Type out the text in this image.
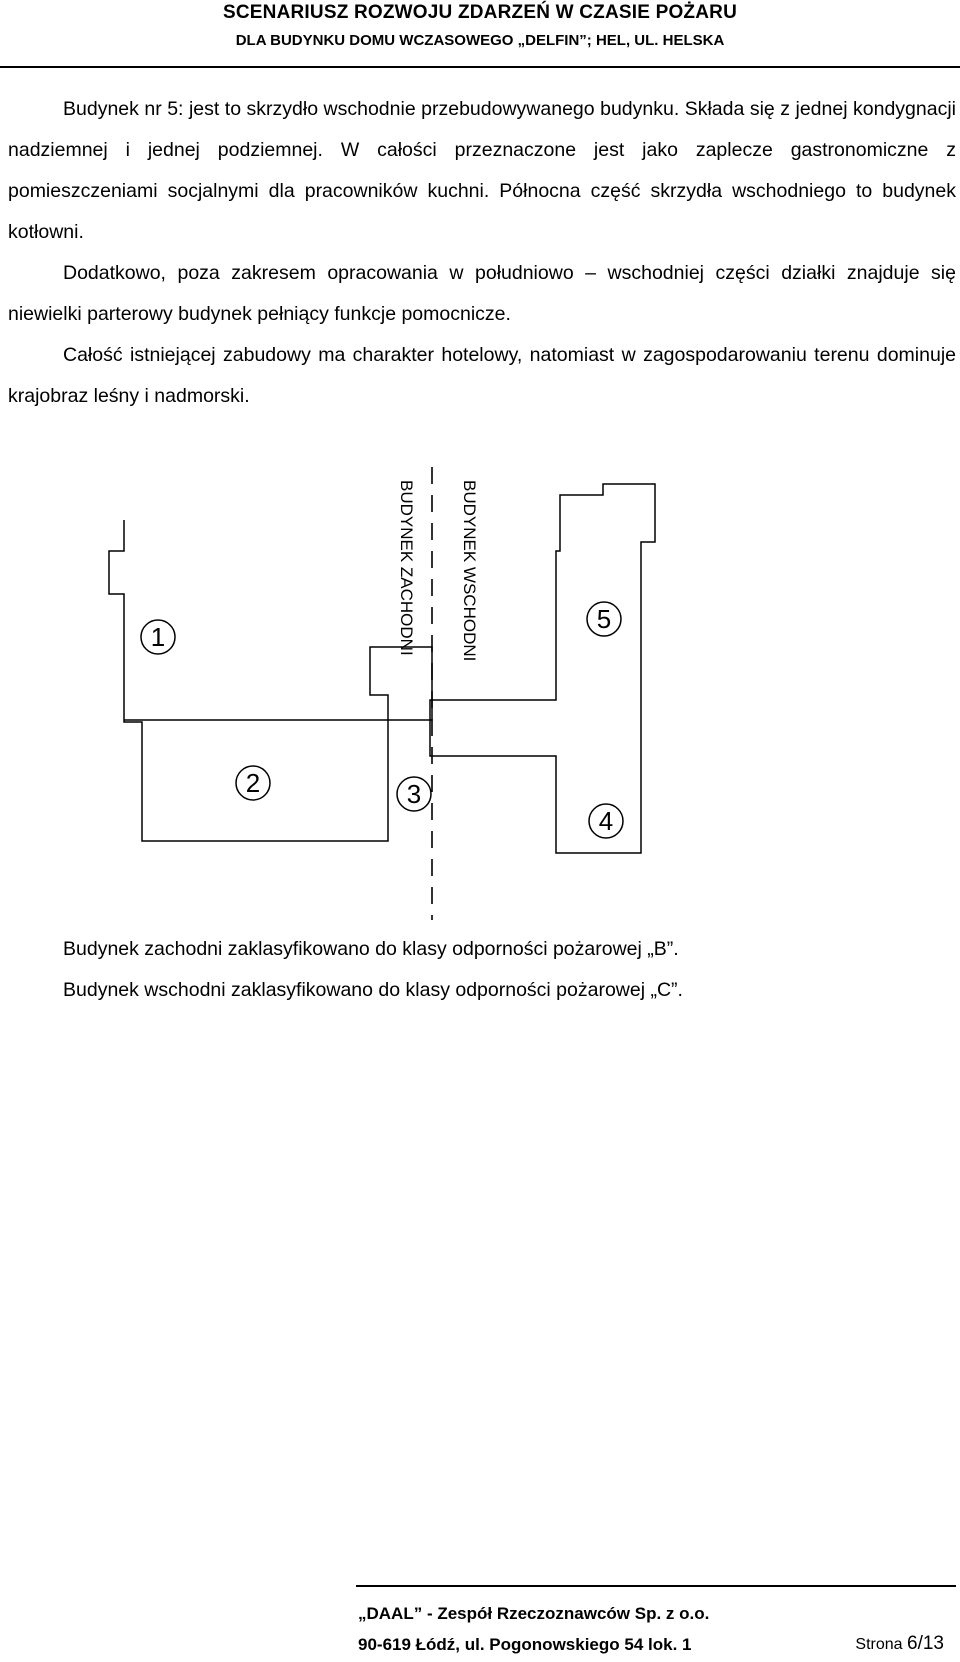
SCENARIUSZ ROZWOJU ZDARZEŃ W CZASIE POŻARU
DLA BUDYNKU DOMU WCZASOWEGO „DELFIN”; HEL, UL. HELSKA

Budynek nr 5: jest to skrzydło wschodnie przebudowywanego budynku. Składa się z jednej kondygnacji nadziemnej i jednej podziemnej. W całości przeznaczone jest jako zaplecze gastronomiczne z pomieszczeniami socjalnymi dla pracowników kuchni. Północna część skrzydła wschodniego to budynek kotłowni.

Dodatkowo, poza zakresem opracowania w południowo – wschodniej części działki znajduje się niewielki parterowy budynek pełniący funkcje pomocnicze.

Całość istniejącej zabudowy ma charakter hotelowy, natomiast w zagospodarowaniu terenu dominuje krajobraz leśny i nadmorski.

BUDYNEK ZACHODNI	BUDYNEK WSCHODNI
1
2	3
4
5

Budynek zachodni zaklasyfikowano do klasy odporności pożarowej „B”.

Budynek wschodni zaklasyfikowano do klasy odporności pożarowej „C”.

„DAAL” - Zespół Rzeczoznawców Sp. z o.o.
90-619 Łódź, ul. Pogonowskiego 54 lok. 1	Strona 6/13
